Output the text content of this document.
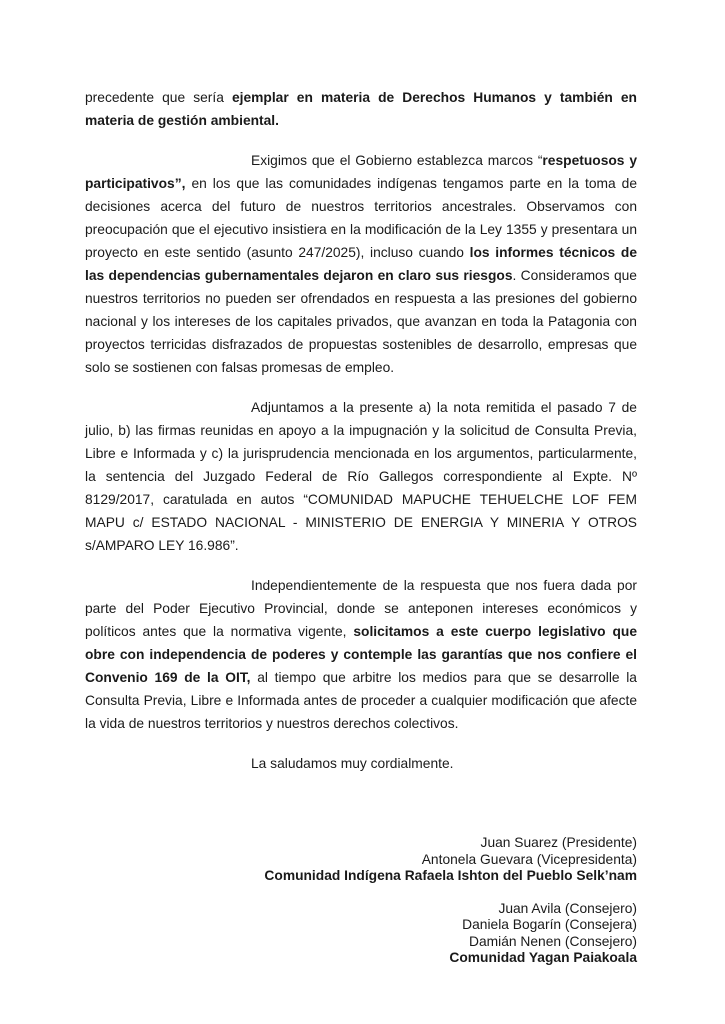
precedente que sería ejemplar en materia de Derechos Humanos y también en materia de gestión ambiental.

Exigimos que el Gobierno establezca marcos “respetuosos y participativos”, en los que las comunidades indígenas tengamos parte en la toma de decisiones acerca del futuro de nuestros territorios ancestrales. Observamos con preocupación que el ejecutivo insistiera en la modificación de la Ley 1355 y presentara un proyecto en este sentido (asunto 247/2025), incluso cuando los informes técnicos de las dependencias gubernamentales dejaron en claro sus riesgos. Consideramos que nuestros territorios no pueden ser ofrendados en respuesta a las presiones del gobierno nacional y los intereses de los capitales privados, que avanzan en toda la Patagonia con proyectos terricidas disfrazados de propuestas sostenibles de desarrollo, empresas que solo se sostienen con falsas promesas de empleo.

Adjuntamos a la presente a) la nota remitida el pasado 7 de julio, b) las firmas reunidas en apoyo a la impugnación y la solicitud de Consulta Previa, Libre e Informada y c) la jurisprudencia mencionada en los argumentos, particularmente, la sentencia del Juzgado Federal de Río Gallegos correspondiente al Expte. Nº 8129/2017, caratulada en autos “COMUNIDAD MAPUCHE TEHUELCHE LOF FEM MAPU c/ ESTADO NACIONAL - MINISTERIO DE ENERGIA Y MINERIA Y OTROS s/AMPARO LEY 16.986”.

Independientemente de la respuesta que nos fuera dada por parte del Poder Ejecutivo Provincial, donde se anteponen intereses económicos y políticos antes que la normativa vigente, solicitamos a este cuerpo legislativo que obre con independencia de poderes y contemple las garantías que nos confiere el Convenio 169 de la OIT, al tiempo que arbitre los medios para que se desarrolle la Consulta Previa, Libre e Informada antes de proceder a cualquier modificación que afecte la vida de nuestros territorios y nuestros derechos colectivos.

La saludamos muy cordialmente.

Juan Suarez (Presidente)
Antonela Guevara (Vicepresidenta)
Comunidad Indígena Rafaela Ishton del Pueblo Selk’nam
Juan Avila (Consejero)
Daniela Bogarín (Consejera)
Damián Nenen (Consejero)
Comunidad Yagan Paiakoala
